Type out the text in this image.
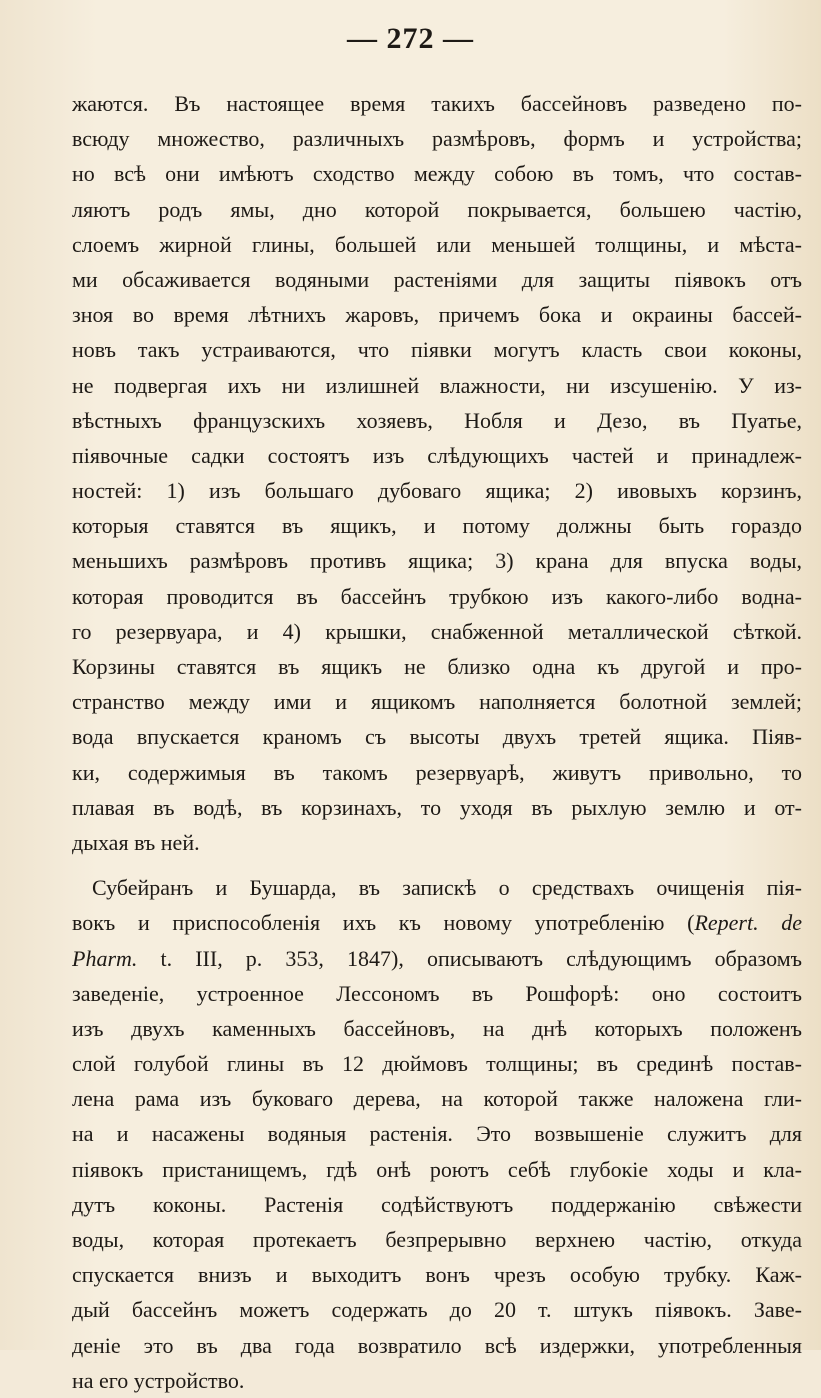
— 272 —
жаются. Въ настоящее время такихъ бассейновъ разведено по-
всюду множество, различныхъ размѣровъ, формъ и устройства;
но всѣ они имѣютъ сходство между собою въ томъ, что состав-
ляютъ родъ ямы, дно которой покрывается, большею частію,
слоемъ жирной глины, большей или меньшей толщины, и мѣста-
ми обсаживается водяными растеніями для защиты піявокъ отъ
зноя во время лѣтнихъ жаровъ, причемъ бока и окраины бассей-
новъ такъ устраиваются, что піявки могутъ класть свои коконы,
не подвергая ихъ ни излишней влажности, ни изсушенію. У из-
вѣстныхъ французскихъ хозяевъ, Нобля и Дезо, въ Пуатье,
піявочные садки состоятъ изъ слѣдующихъ частей и принадлеж-
ностей: 1) изъ большаго дубоваго ящика; 2) ивовыхъ корзинъ,
которыя ставятся въ ящикъ, и потому должны быть гораздо
меньшихъ размѣровъ противъ ящика; 3) крана для впуска воды,
которая проводится въ бассейнъ трубкою изъ какого-либо водна-
го резервуара, и 4) крышки, снабженной металлической сѣткой.
Корзины ставятся въ ящикъ не близко одна къ другой и про-
странство между ими и ящикомъ наполняется болотной землей;
вода впускается краномъ съ высоты двухъ третей ящика. Піяв-
ки, содержимыя въ такомъ резервуарѣ, живутъ привольно, то
плавая въ водѣ, въ корзинахъ, то уходя въ рыхлую землю и от-
дыхая въ ней.
Субейранъ и Бушарда, въ запискѣ о средствахъ очищенія пія-
вокъ и приспособленія ихъ къ новому употребленію (Repert. de
Pharm. t. III, p. 353, 1847), описываютъ слѣдующимъ образомъ
заведеніе, устроенное Лессономъ въ Рошфорѣ: оно состоитъ
изъ двухъ каменныхъ бассейновъ, на днѣ которыхъ положенъ
слой голубой глины въ 12 дюймовъ толщины; въ срединѣ постав-
лена рама изъ буковаго дерева, на которой также наложена гли-
на и насажены водяныя растенія. Это возвышеніе служитъ для
піявокъ пристанищемъ, гдѣ онѣ роютъ себѣ глубокіе ходы и кла-
дутъ коконы. Растенія содѣйствуютъ поддержанію свѣжести
воды, которая протекаетъ безпрерывно верхнею частію, откуда
спускается внизъ и выходитъ вонъ чрезъ особую трубку. Каж-
дый бассейнъ можетъ содержать до 20 т. штукъ піявокъ. Заве-
деніе это въ два года возвратило всѣ издержки, употребленныя
на его устройство.
